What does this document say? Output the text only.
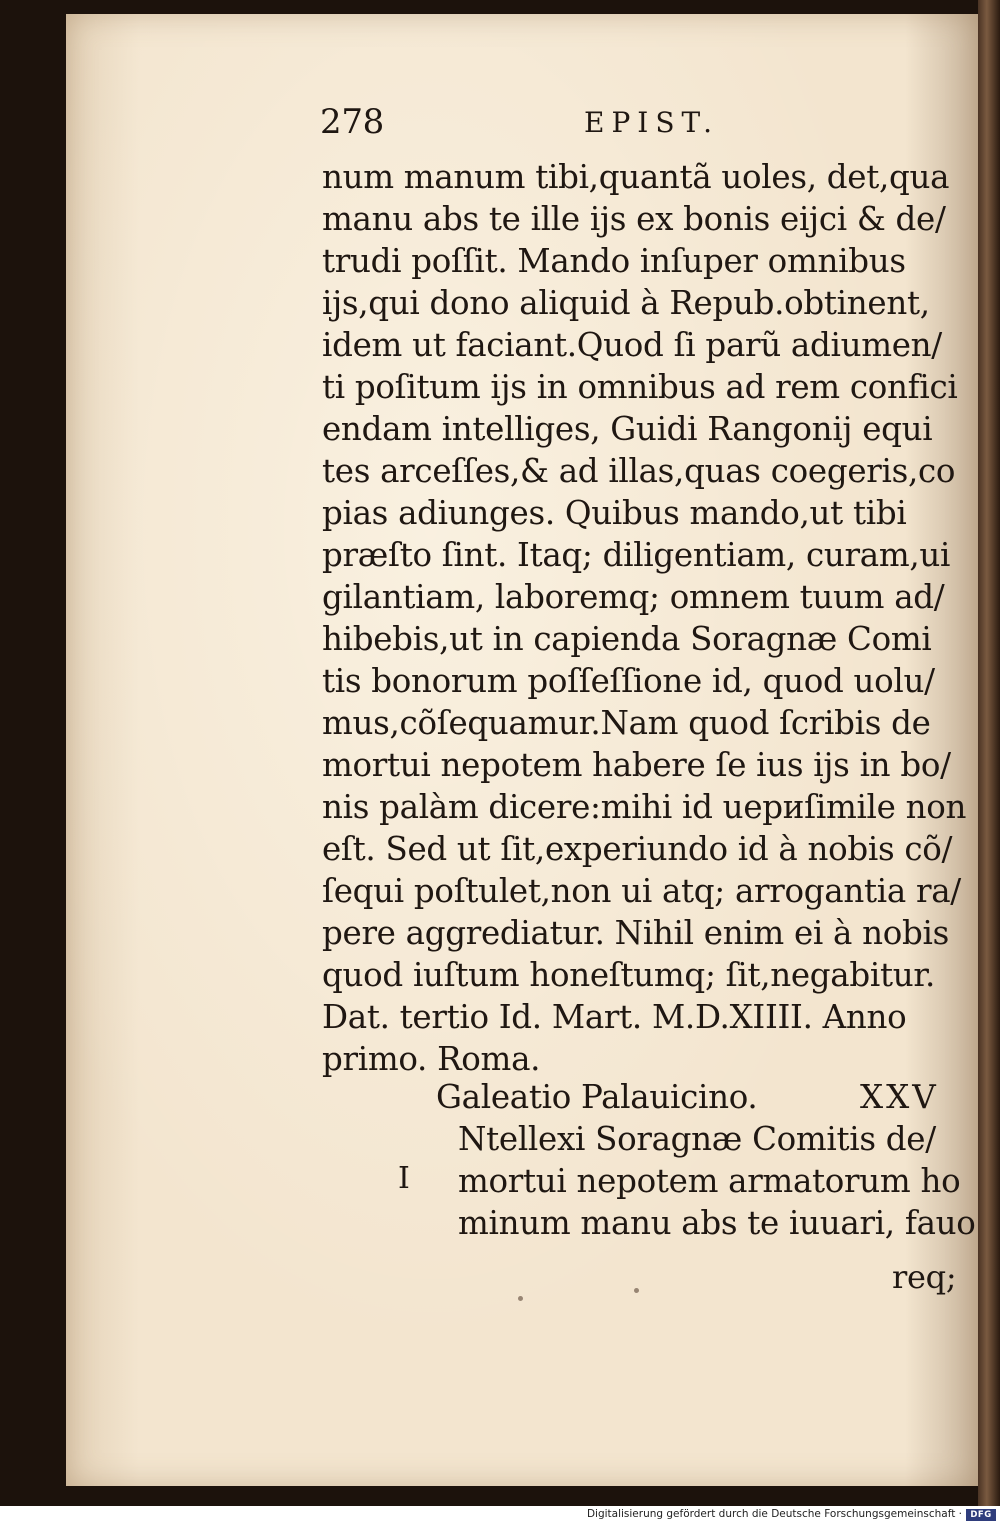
278	EPIST.
num manum tibi,quantã uoles, det,qua
manu abs te ille ijs ex bonis eijci & de/
trudi poſſit. Mando inſuper omnibus
ijs,qui dono aliquid à Repub.obtinent,
idem ut faciant.Quod ſi parũ adiumen/
ti poſitum ijs in omnibus ad rem confici
endam intelliges, Guidi Rangonij equi
tes arceſſes,& ad illas,quas coegeris,co
pias adiunges. Quibus mando,ut tibi
præſto ſint. Itaq; diligentiam, curam,ui
gilantiam, laboremq; omnem tuum ad/
hibebis,ut in capienda Soragnæ Comi
tis bonorum poſſeſſione id, quod uolu/
mus,cõſequamur.Nam quod ſcribis de
mortui nepotem habere ſe ius ijs in bo/
nis palàm dicere:mihi id uериſimile non
eſt. Sed ut ſit,experiundo id à nobis cõ/
ſequi poſtulet,non ui atq; arrogantia ra/
pere aggrediatur. Nihil enim ei à nobis
quod iuſtum honeſtumq; ſit,negabitur.
Dat. tertio Id. Mart. M.D.XIIII. Anno
primo. Roma.
Galeatio Palauicino.	XXV
I
Ntellexi Soragnæ Comitis de/
mortui nepotem armatorum ho
minum manu abs te iuuari, fauo
req;
Digitalisierung gefördert durch die Deutsche Forschungsgemeinschaft · DFG
